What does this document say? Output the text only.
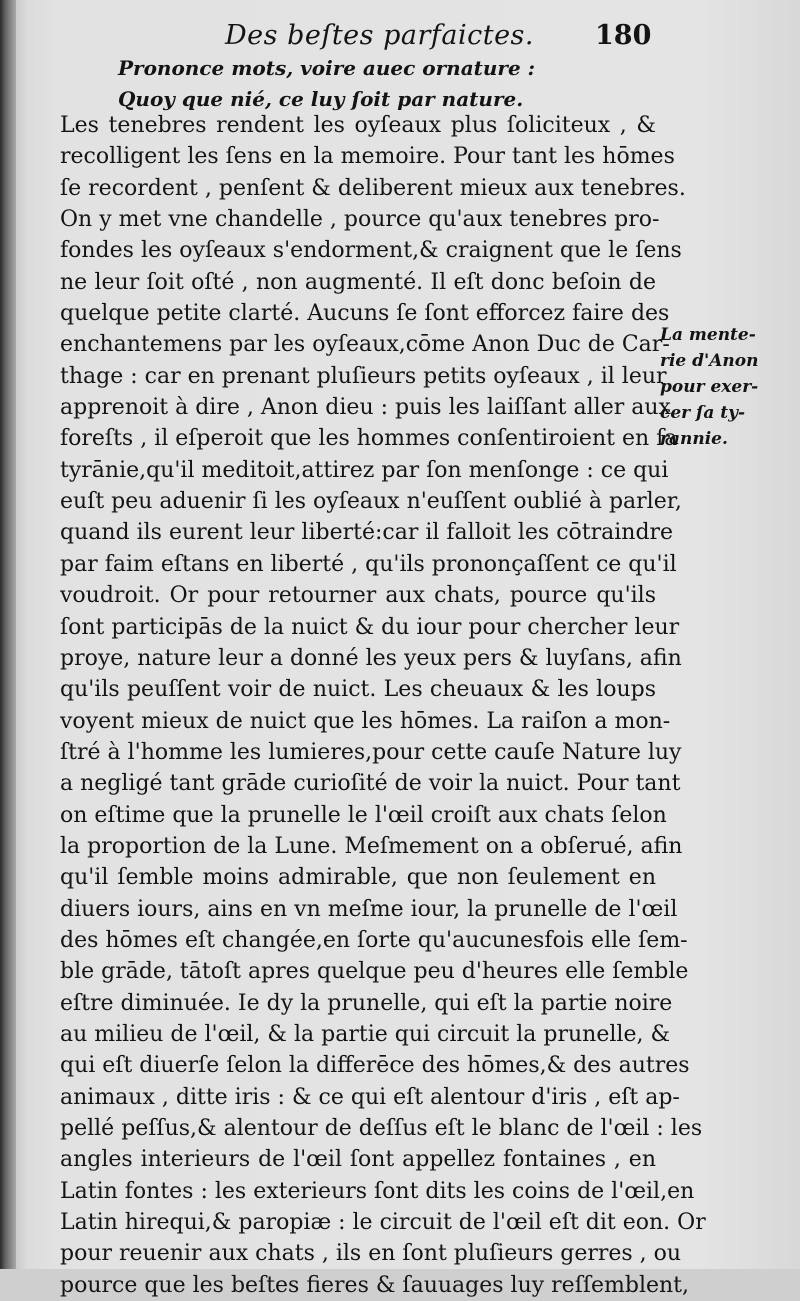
Des beſtes parfaictes. 180
Prononce mots, voire auec ornature :
Quoy que nié, ce luy ſoit par nature.
Les tenebres rendent les oyſeaux plus ſoliciteux , &
recolligent les ſens en la memoire. Pour tant les hōmes
ſe recordent , penſent & deliberent mieux aux tenebres.
On y met vne chandelle , pource qu'aux tenebres pro-
fondes les oyſeaux s'endorment,& craignent que le ſens
ne leur ſoit oſté , non augmenté. Il eſt donc beſoin de
quelque petite clarté. Aucuns ſe ſont efforcez faire des
enchantemens par les oyſeaux,cōme Anon Duc de Car-
thage : car en prenant pluſieurs petits oyſeaux , il leur
apprenoit à dire , Anon dieu : puis les laiſſant aller aux
foreſts , il eſperoit que les hommes conſentiroient en ſa
tyrānie,qu'il meditoit,attirez par ſon menſonge : ce qui
euſt peu aduenir ſi les oyſeaux n'euſſent oublié à parler,
quand ils eurent leur liberté:car il falloit les cōtraindre
par faim eſtans en liberté , qu'ils prononçaſſent ce qu'il
voudroit. Or pour retourner aux chats, pource qu'ils
ſont participās de la nuict & du iour pour chercher leur
proye, nature leur a donné les yeux pers & luyſans, afin
qu'ils peuſſent voir de nuict. Les cheuaux & les loups
voyent mieux de nuict que les hōmes. La raiſon a mon-
ſtré à l'homme les lumieres,pour cette cauſe Nature luy
a negligé tant grāde curioſité de voir la nuict. Pour tant
on eſtime que la prunelle le l'œil croiſt aux chats ſelon
la proportion de la Lune. Meſmement on a obſerué, afin
qu'il ſemble moins admirable, que non ſeulement en
diuers iours, ains en vn meſme iour, la prunelle de l'œil
des hōmes eſt changée,en ſorte qu'aucunesfois elle ſem-
ble grāde, tātoſt apres quelque peu d'heures elle ſemble
eſtre diminuée. Ie dy la prunelle, qui eſt la partie noire
au milieu de l'œil, & la partie qui circuit la prunelle, &
qui eſt diuerſe ſelon la differēce des hōmes,& des autres
animaux , ditte iris : & ce qui eſt alentour d'iris , eſt ap-
pellé peſſus,& alentour de deſſus eſt le blanc de l'œil : les
angles interieurs de l'œil ſont appellez fontaines , en
Latin fontes : les exterieurs ſont dits les coins de l'œil,en
Latin hirequi,& paropiæ : le circuit de l'œil eſt dit eon. Or
pour reuenir aux chats , ils en ſont pluſieurs gerres , ou
pource que les beſtes fieres & ſauuages luy reſſemblent,
La mente-
rie d'Anon
pour exer-
cer ſa ty-
rannie.
